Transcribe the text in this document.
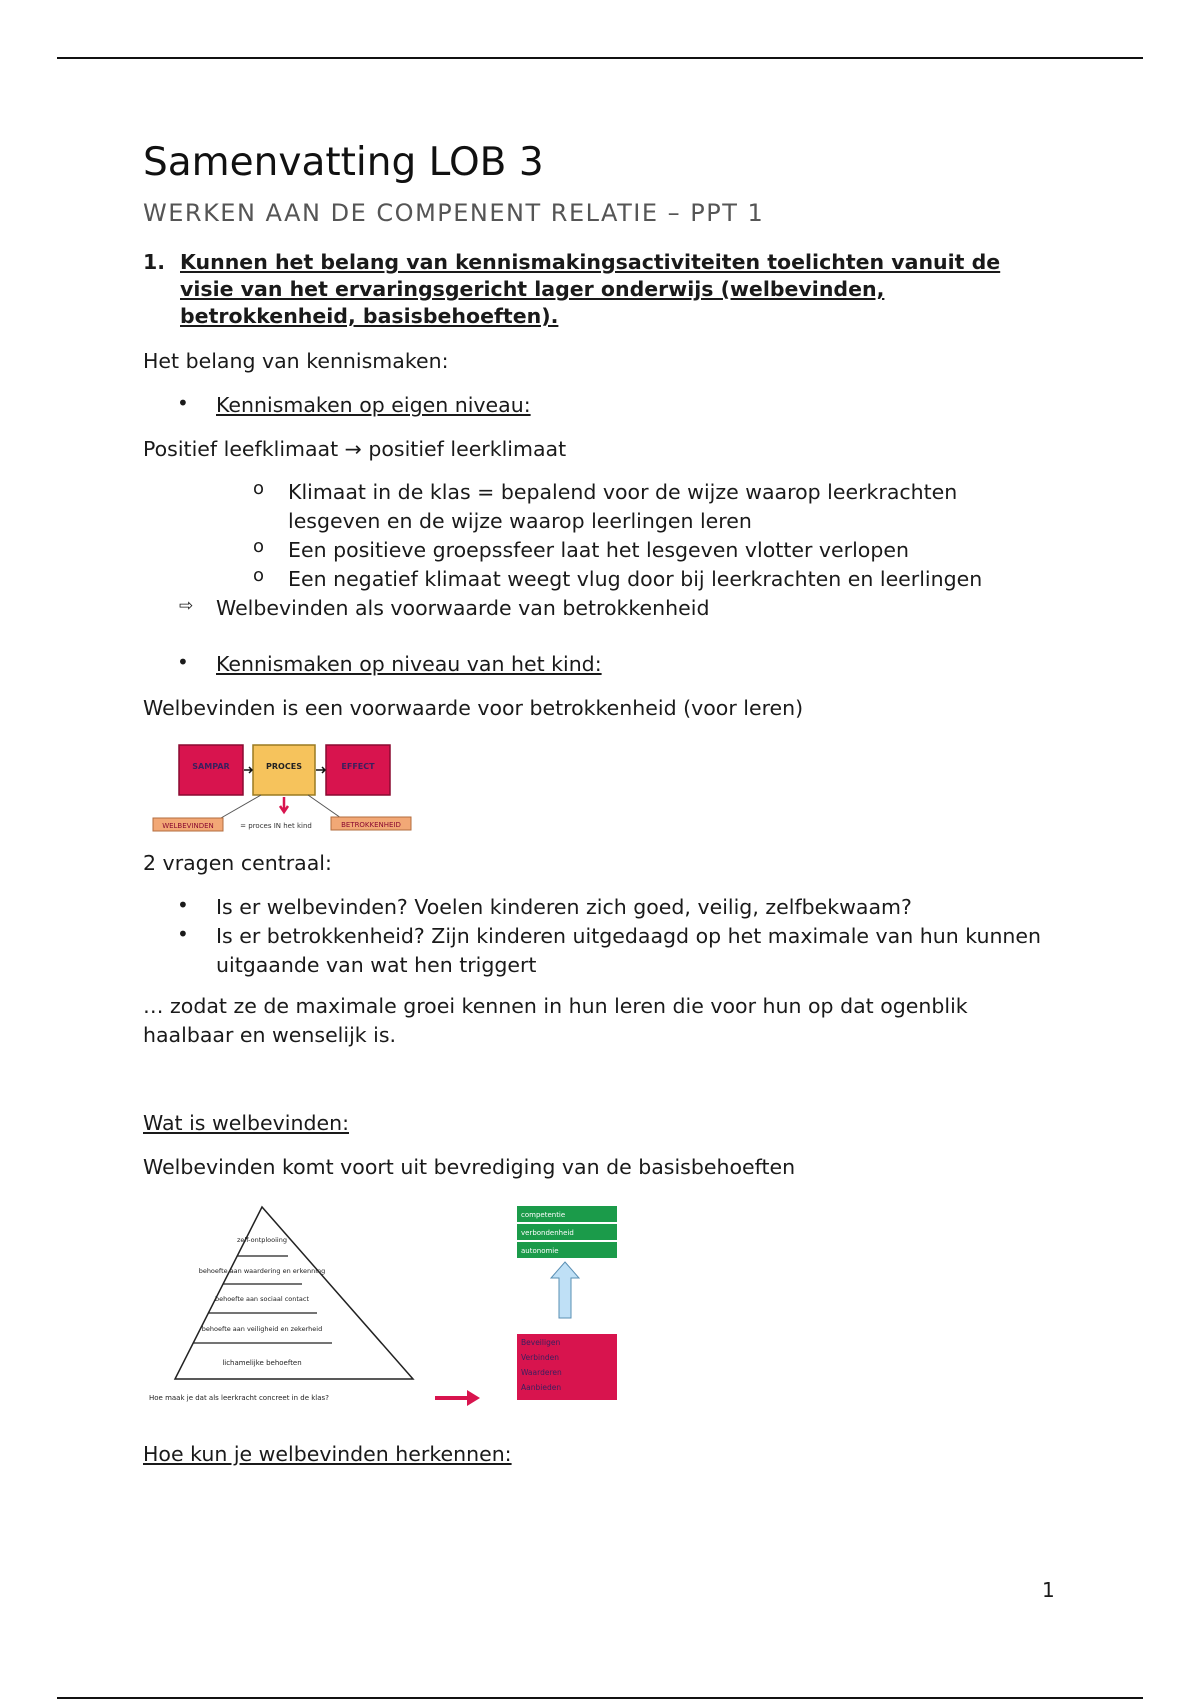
Samenvatting LOB 3
WERKEN AAN DE COMPENENT RELATIE – PPT 1
1. Kunnen het belang van kennismakingsactiviteiten toelichten vanuit de visie van het ervaringsgericht lager onderwijs (welbevinden, betrokkenheid, basisbehoeften).

Het belang van kennismaken:

• Kennismaken op eigen niveau:

Positief leefklimaat → positief leerklimaat

o Klimaat in de klas = bepalend voor de wijze waarop leerkrachten lesgeven en de wijze waarop leerlingen leren

o Een positieve groepssfeer laat het lesgeven vlotter verlopen

o Een negatief klimaat weegt vlug door bij leerkrachten en leerlingen

⇨ Welbevinden als voorwaarde van betrokkenheid

• Kennismaken op niveau van het kind:

Welbevinden is een voorwaarde voor betrokkenheid (voor leren)

SAMPAR	PROCES	EFFECT
WELBEVINDEN	= proces IN het kind	BETROKKENHEID

2 vragen centraal:

• Is er welbevinden? Voelen kinderen zich goed, veilig, zelfbekwaam?

• Is er betrokkenheid? Zijn kinderen uitgedaagd op het maximale van hun kunnen uitgaande van wat hen triggert

… zodat ze de maximale groei kennen in hun leren die voor hun op dat ogenblik haalbaar en wenselijk is.

Wat is welbevinden:

Welbevinden komt voort uit bevrediging van de basisbehoeften

zelf-ontplooiing
behoefte aan waardering en erkenning
behoefte aan sociaal contact
behoefte aan veiligheid en zekerheid
lichamelijke behoeften
Hoe maak je dat als leerkracht concreet in de klas?
competentie
verbondenheid
autonomie
Beveiligen
Verbinden
Waarderen
Aanbieden

Hoe kun je welbevinden herkennen:

1
